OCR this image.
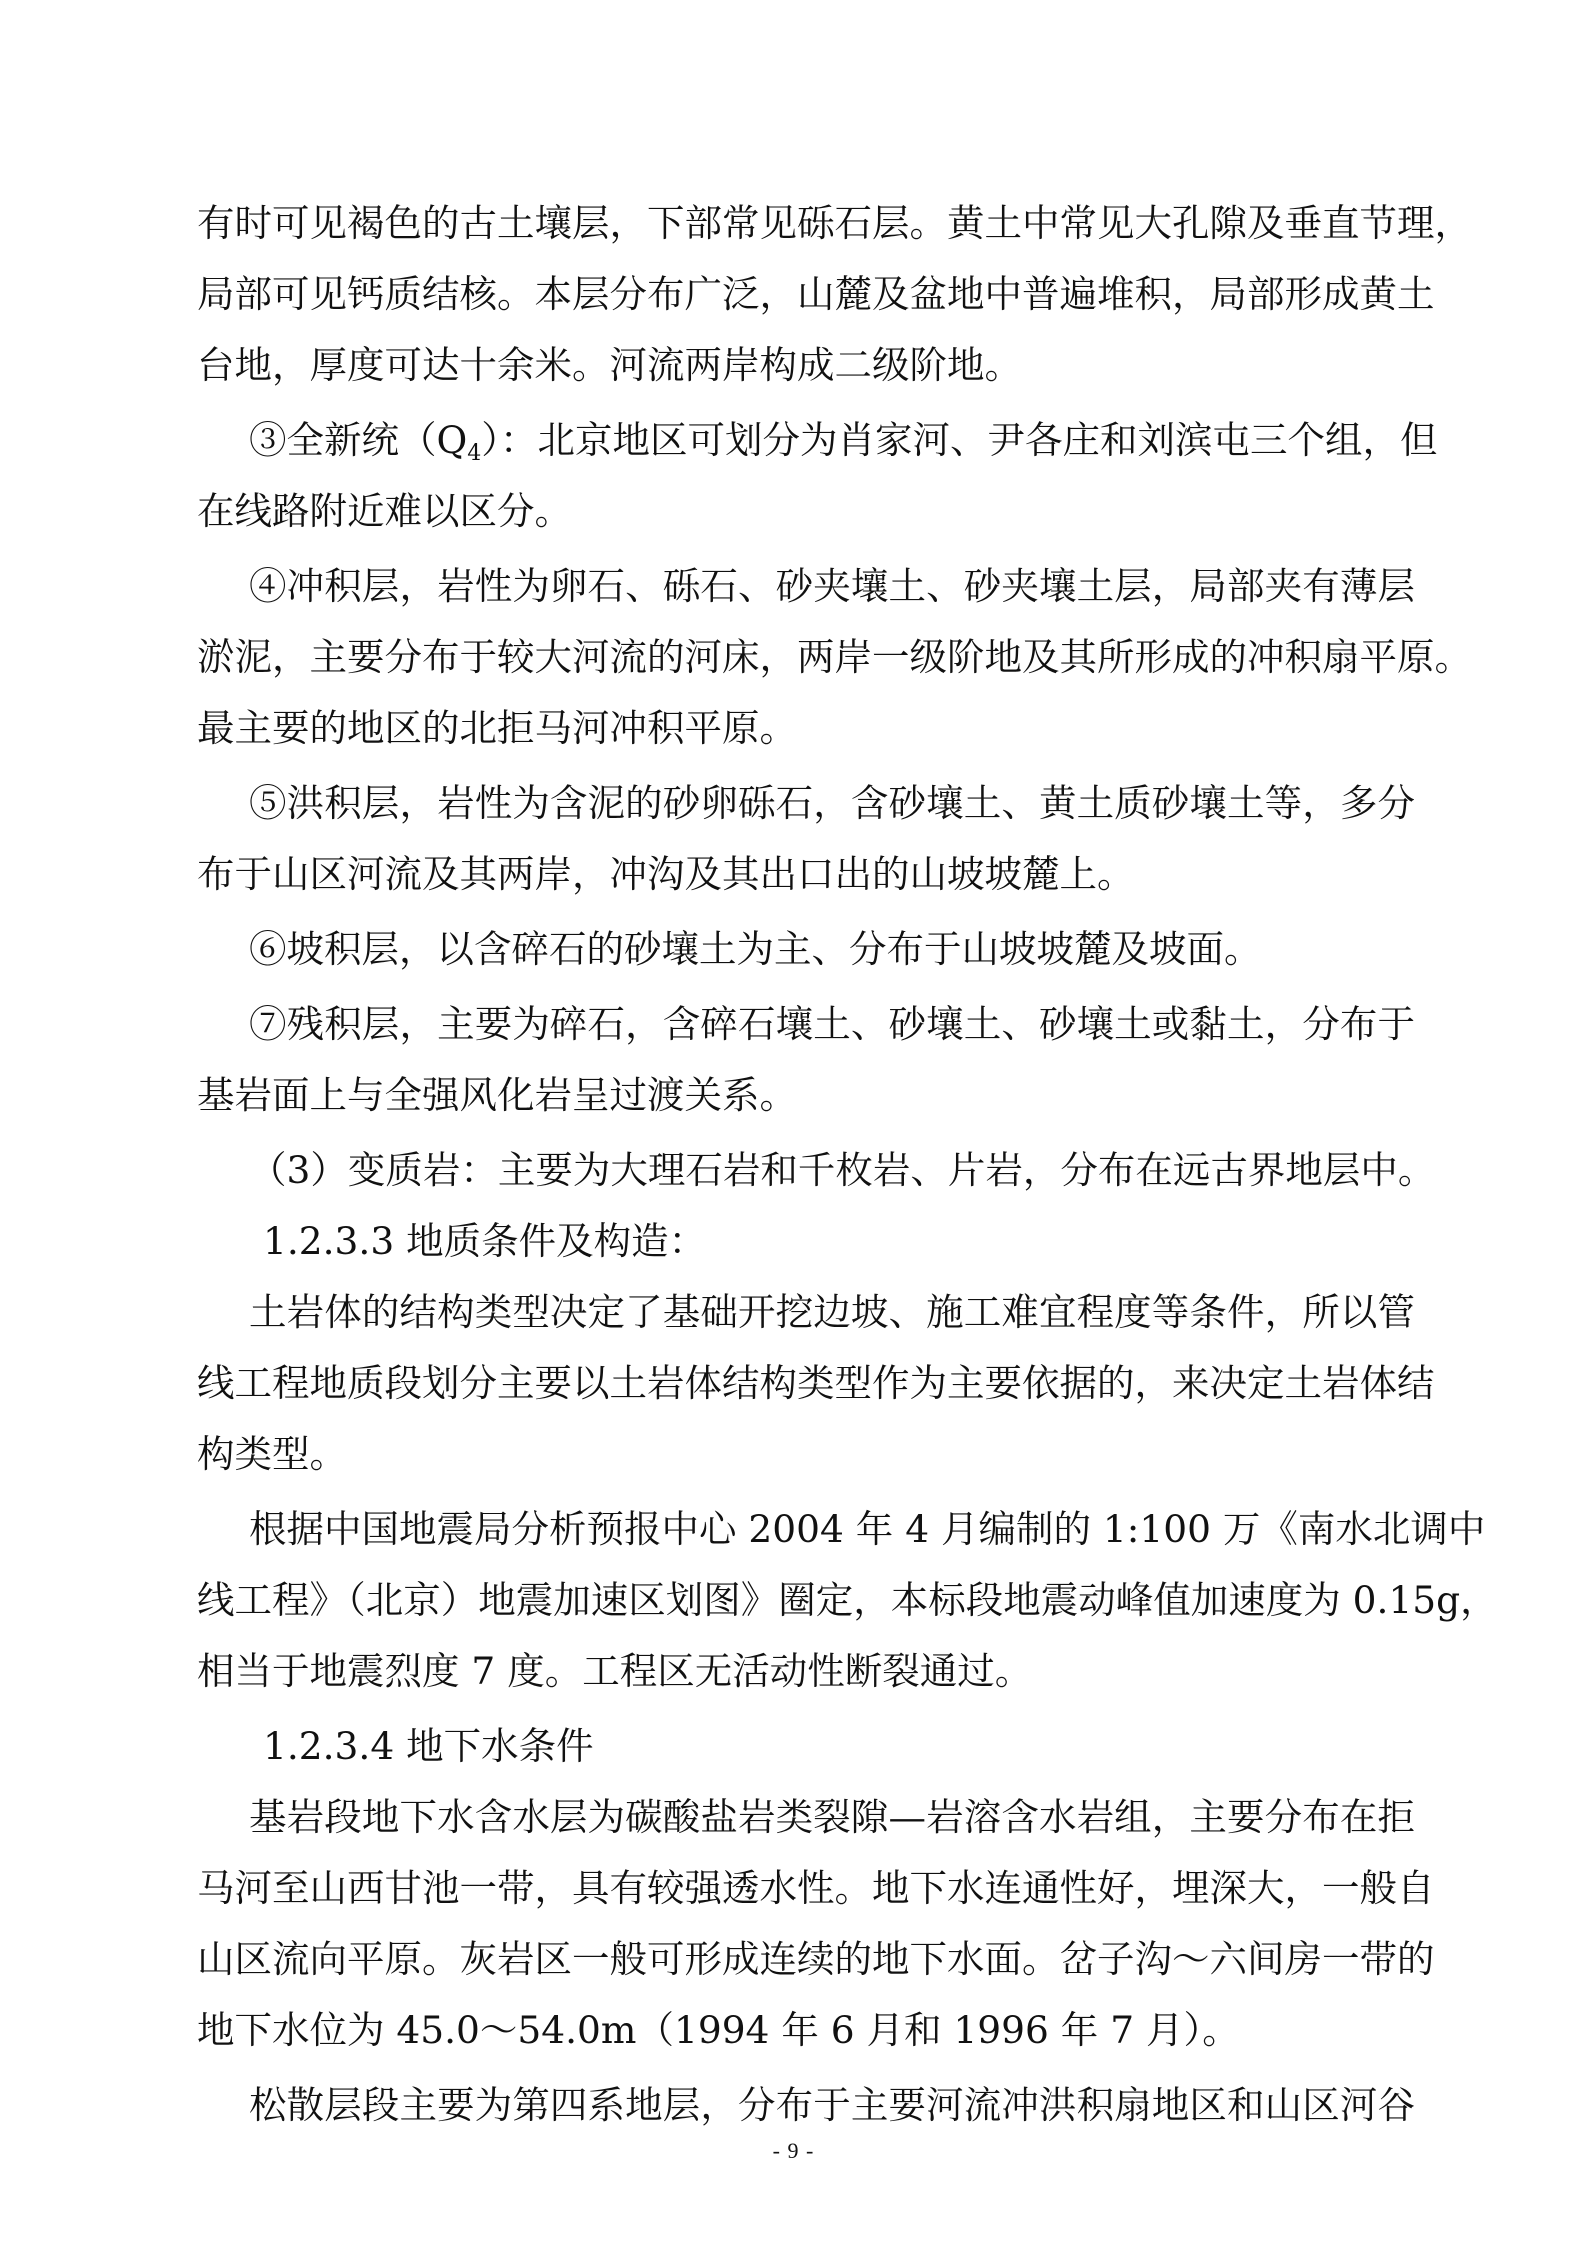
有时可见褐色的古土壤层，下部常见砾石层。黄土中常见大孔隙及垂直节理，
局部可见钙质结核。本层分布广泛，山麓及盆地中普遍堆积，局部形成黄土
台地，厚度可达十余米。河流两岸构成二级阶地。
③全新统$(Q_4)$：北京地区可划分为肖家河、尹各庄和刘滨屯三个组，但
在线路附近难以区分。
④冲积层，岩性为卵石、砾石、砂夹壤土、砂夹壤土层，局部夹有薄层
淤泥，主要分布于较大河流的河床，两岸一级阶地及其所形成的冲积扇平原。
最主要的地区的北拒马河冲积平原。
⑤洪积层，岩性为含泥的砂卵砾石，含砂壤土、黄土质砂壤土等，多分
布于山区河流及其两岸，冲沟及其出口出的山坡坡麓上。
⑥坡积层，以含碎石的砂壤土为主、分布于山坡坡麓及坡面。
⑦残积层，主要为碎石，含碎石壤土、砂壤土、砂壤土或黏土，分布于
基岩面上与全强风化岩呈过渡关系。
（3）变质岩：主要为大理石岩和千枚岩、片岩，分布在远古界地层中。
1.2.3.3 地质条件及构造：
土岩体的结构类型决定了基础开挖边坡、施工难宜程度等条件，所以管
线工程地质段划分主要以土岩体结构类型作为主要依据的，来决定土岩体结
构类型。
根据中国地震局分析预报中心 2004 年 4 月编制的 1:100 万《南水北调中
线工程》（北京）地震加速区划图》圈定，本标段地震动峰值加速度为 0.15g，
相当于地震烈度 7 度。工程区无活动性断裂通过。
1.2.3.4 地下水条件
基岩段地下水含水层为碳酸盐岩类裂隙—岩溶含水岩组，主要分布在拒
马河至山西甘池一带，具有较强透水性。地下水连通性好，埋深大，一般自
山区流向平原。灰岩区一般可形成连续的地下水面。岔子沟～六间房一带的
地下水位为 45.0～54.0m（1994 年 6 月和 1996 年 7 月）。
松散层段主要为第四系地层，分布于主要河流冲洪积扇地区和山区河谷
- 9 -
